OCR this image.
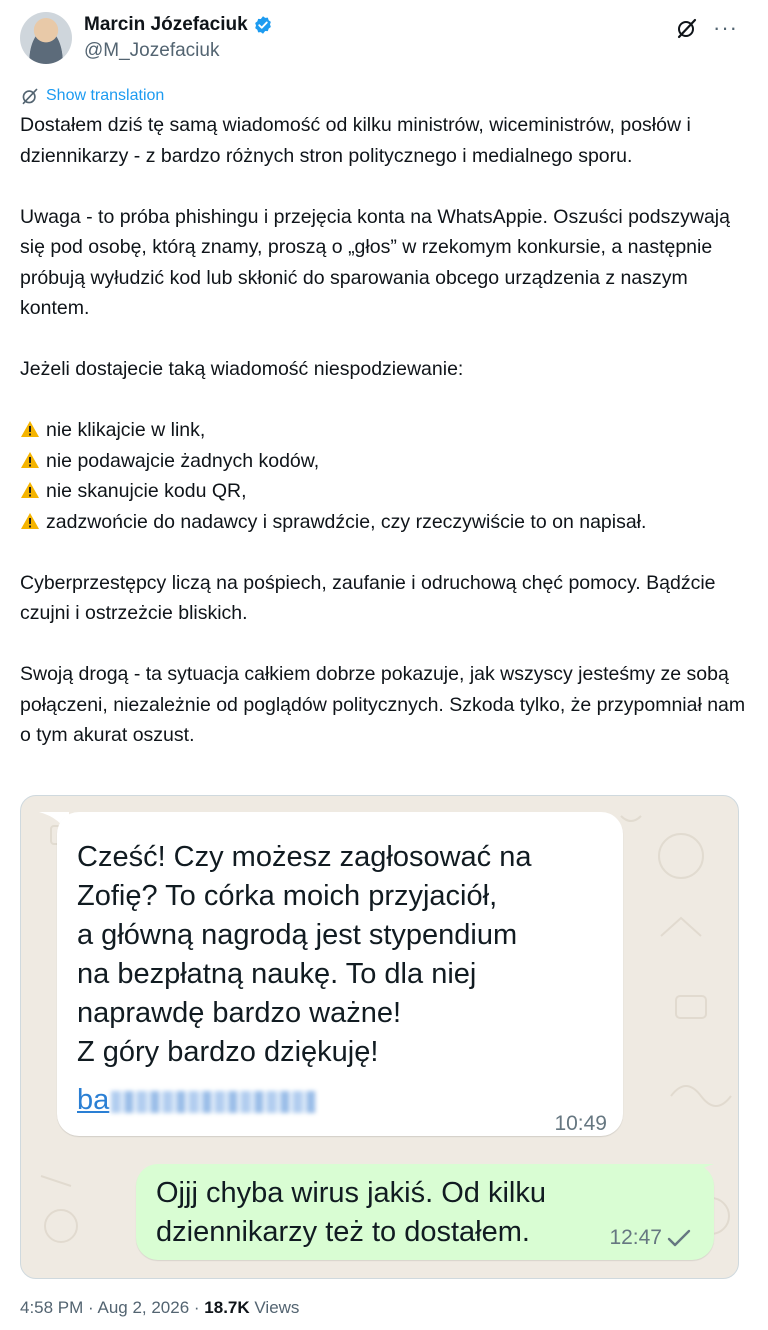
Marcin Józefaciuk
@M_Jozefaciuk
···
Show translation

Dostałem dziś tę samą wiadomość od kilku ministrów, wiceministrów, posłów i dziennikarzy - z bardzo różnych stron politycznego i medialnego sporu.

Uwaga - to próba phishingu i przejęcia konta na WhatsAppie. Oszuści podszywają się pod osobę, którą znamy, proszą o „głos” w rzekomym konkursie, a następnie próbują wyłudzić kod lub skłonić do sparowania obcego urządzenia z naszym kontem.

Jeżeli dostajecie taką wiadomość niespodziewanie:

nie klikajcie w link,

nie podawajcie żadnych kodów,

nie skanujcie kodu QR,

zadzwońcie do nadawcy i sprawdźcie, czy rzeczywiście to on napisał.

Cyberprzestępcy liczą na pośpiech, zaufanie i odruchową chęć pomocy. Bądźcie czujni i ostrzeżcie bliskich.

Swoją drogą - ta sytuacja całkiem dobrze pokazuje, jak wszyscy jesteśmy ze sobą połączeni, niezależnie od poglądów politycznych. Szkoda tylko, że przypomniał nam o tym akurat oszust.

Cześć! Czy możesz zagłosować na
Zofię? To córka moich przyjaciół,
a główną nagrodą jest stypendium
na bezpłatną naukę. To dla niej
naprawdę bardzo ważne!
Z góry bardzo dziękuję!
ba
10:49
Ojjj chyba wirus jakiś. Od kilku
dziennikarzy też to dostałem.	12:47
4:58 PM · Aug 2, 2026 · 18.7K Views
